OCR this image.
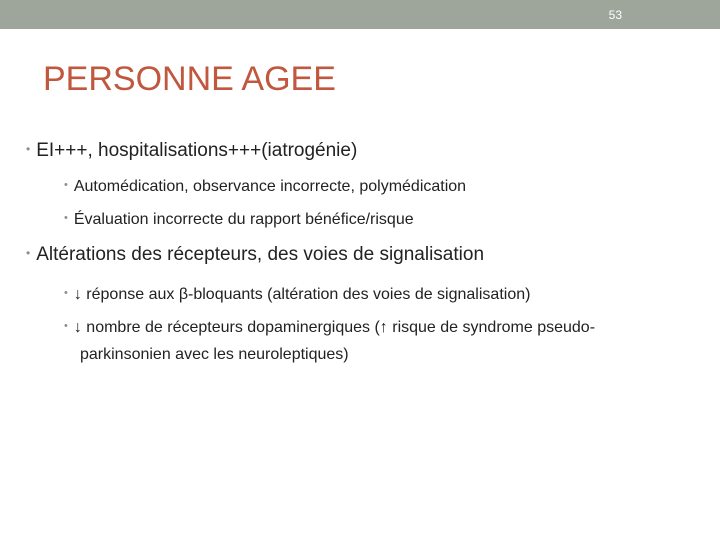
53
PERSONNE AGEE

• EI+++, hospitalisations+++(iatrogénie)

• Automédication, observance incorrecte, polymédication

• Évaluation incorrecte du rapport bénéfice/risque

• Altérations des récepteurs, des voies de signalisation

• ↓ réponse aux β-bloquants (altération des voies de signalisation)

• ↓ nombre de récepteurs dopaminergiques (↑ risque de syndrome pseudo-parkinsonien avec les neuroleptiques)
